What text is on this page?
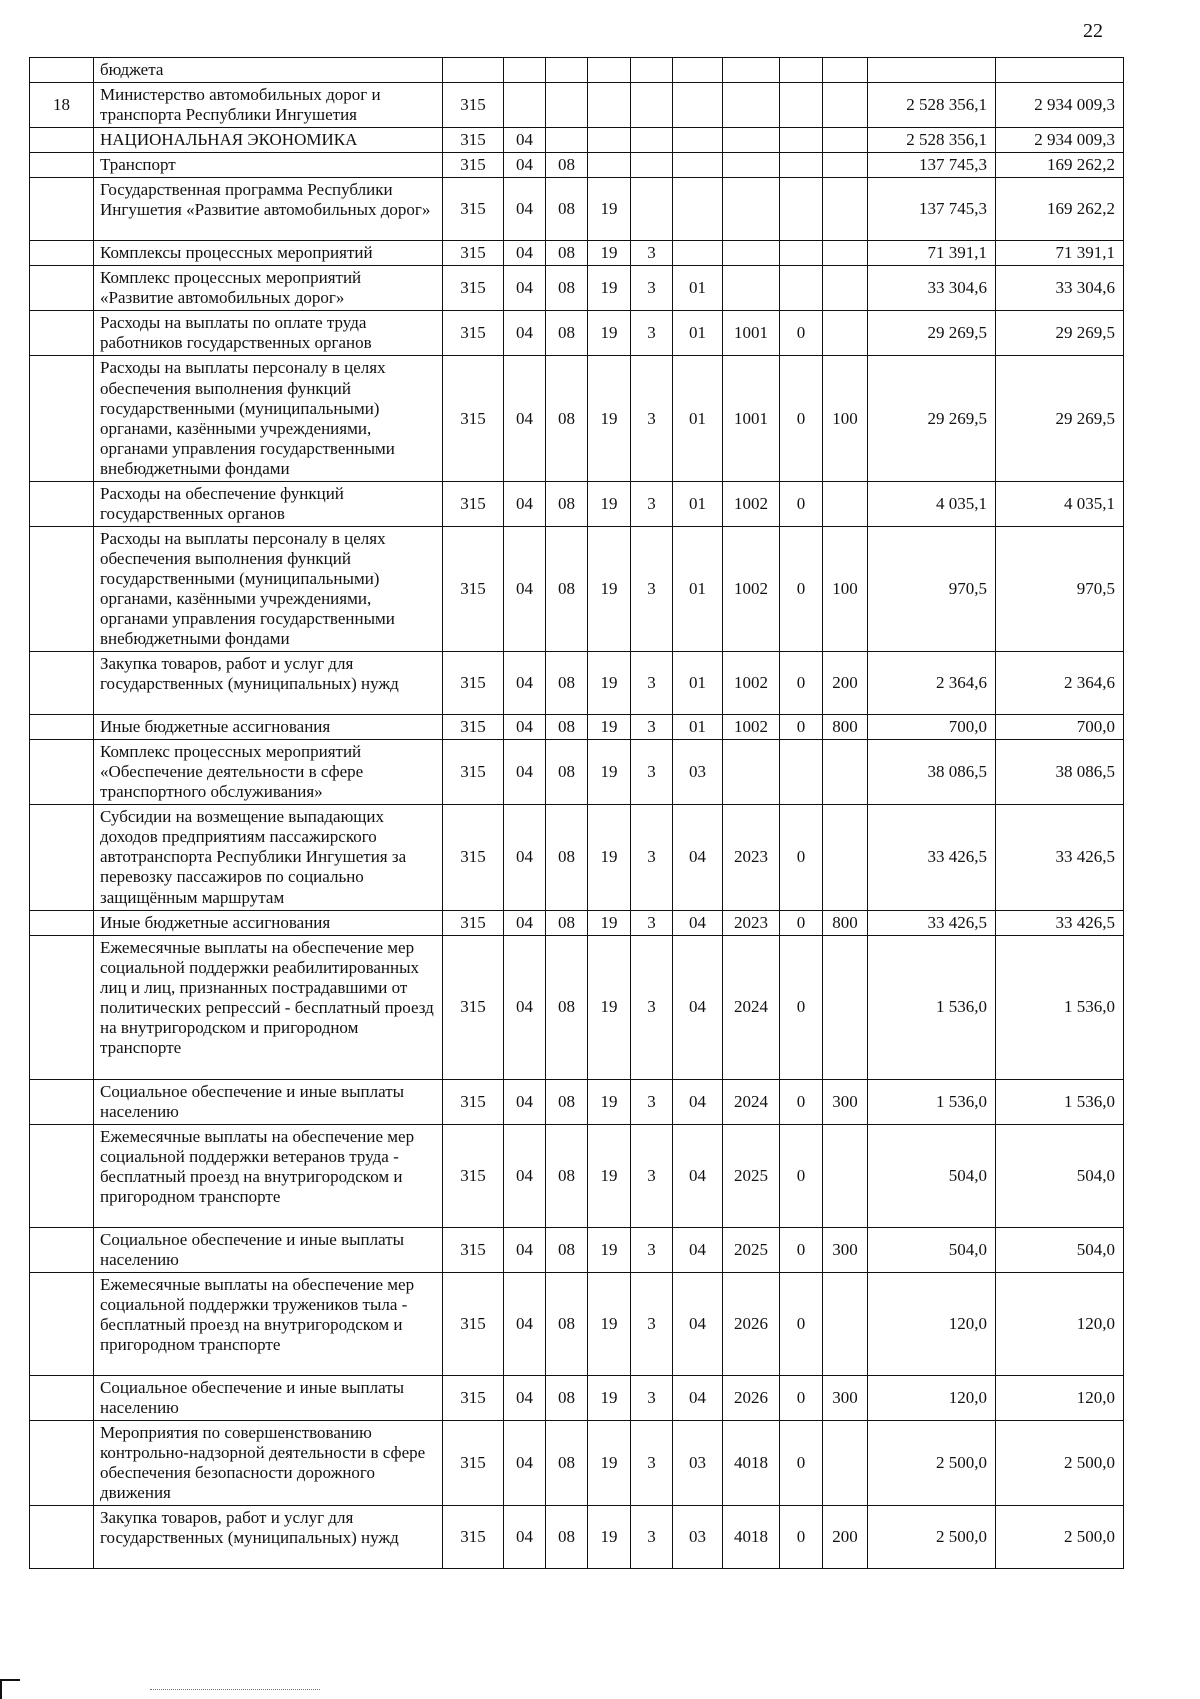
22
	бюджета											
18	Министерство автомобильных дорог и транспорта Республики Ингушетия	315									2 528 356,1	2 934 009,3
	НАЦИОНАЛЬНАЯ ЭКОНОМИКА	315	04								2 528 356,1	2 934 009,3
	Транспорт	315	04	08							137 745,3	169 262,2
	Государственная программа Республики Ингушетия «Развитие автомобильных дорог»	315	04	08	19						137 745,3	169 262,2
	Комплексы процессных мероприятий	315	04	08	19	3					71 391,1	71 391,1
	Комплекс процессных мероприятий «Развитие автомобильных дорог»	315	04	08	19	3	01				33 304,6	33 304,6
	Расходы на выплаты по оплате труда работников государственных органов	315	04	08	19	3	01	1001	0		29 269,5	29 269,5
	Расходы на выплаты персоналу в целях обеспечения выполнения функций государственными (муниципальными) органами, казёнными учреждениями, органами управления государственными внебюджетными фондами	315	04	08	19	3	01	1001	0	100	29 269,5	29 269,5
	Расходы на обеспечение функций государственных органов	315	04	08	19	3	01	1002	0		4 035,1	4 035,1
	Расходы на выплаты персоналу в целях обеспечения выполнения функций государственными (муниципальными) органами, казёнными учреждениями, органами управления государственными внебюджетными фондами	315	04	08	19	3	01	1002	0	100	970,5	970,5
	Закупка товаров, работ и услуг для государственных (муниципальных) нужд	315	04	08	19	3	01	1002	0	200	2 364,6	2 364,6
	Иные бюджетные ассигнования	315	04	08	19	3	01	1002	0	800	700,0	700,0
	Комплекс процессных мероприятий «Обеспечение деятельности в сфере транспортного обслуживания»	315	04	08	19	3	03				38 086,5	38 086,5
	Субсидии на возмещение выпадающих доходов предприятиям пассажирского автотранспорта Республики Ингушетия за перевозку пассажиров по социально защищённым маршрутам	315	04	08	19	3	04	2023	0		33 426,5	33 426,5
	Иные бюджетные ассигнования	315	04	08	19	3	04	2023	0	800	33 426,5	33 426,5
	Ежемесячные выплаты на обеспечение мер социальной поддержки реабилитированных лиц и лиц, признанных пострадавшими от политических репрессий - бесплатный проезд на внутригородском и пригородном транспорте	315	04	08	19	3	04	2024	0		1 536,0	1 536,0
	Социальное обеспечение и иные выплаты населению	315	04	08	19	3	04	2024	0	300	1 536,0	1 536,0
	Ежемесячные выплаты на обеспечение мер социальной поддержки ветеранов труда - бесплатный проезд на внутригородском и пригородном транспорте	315	04	08	19	3	04	2025	0		504,0	504,0
	Социальное обеспечение и иные выплаты населению	315	04	08	19	3	04	2025	0	300	504,0	504,0
	Ежемесячные выплаты на обеспечение мер социальной поддержки тружеников тыла - бесплатный проезд на внутригородском и пригородном транспорте	315	04	08	19	3	04	2026	0		120,0	120,0
	Социальное обеспечение и иные выплаты населению	315	04	08	19	3	04	2026	0	300	120,0	120,0
	Мероприятия по совершенствованию контрольно-надзорной деятельности в сфере обеспечения безопасности дорожного движения	315	04	08	19	3	03	4018	0		2 500,0	2 500,0
	Закупка товаров, работ и услуг для государственных (муниципальных) нужд	315	04	08	19	3	03	4018	0	200	2 500,0	2 500,0
